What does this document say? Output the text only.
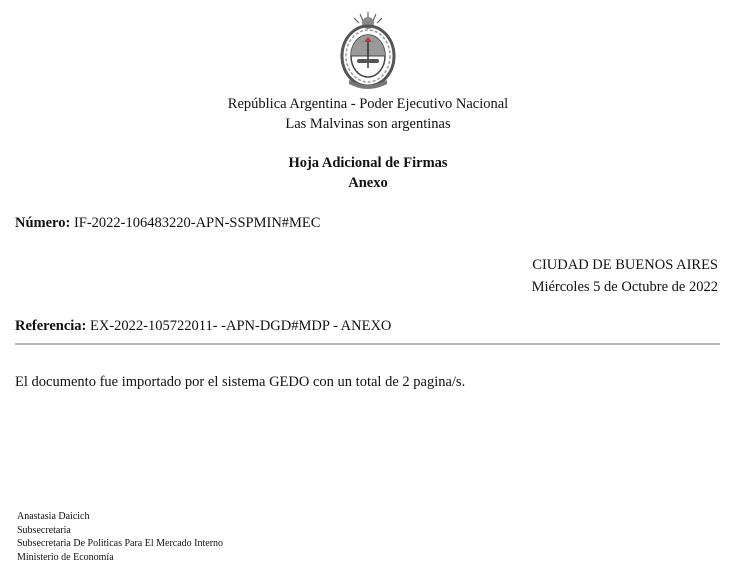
República Argentina - Poder Ejecutivo Nacional
Las Malvinas son argentinas
Hoja Adicional de Firmas
Anexo
Número: IF-2022-106483220-APN-SSPMIN#MEC
CIUDAD DE BUENOS AIRES
Miércoles 5 de Octubre de 2022
Referencia: EX-2022-105722011- -APN-DGD#MDP - ANEXO
El documento fue importado por el sistema GEDO con un total de 2 pagina/s.
Anastasia Daicich
Subsecretaria
Subsecretaria De Politicas Para El Mercado Interno
Ministerio de Economía
